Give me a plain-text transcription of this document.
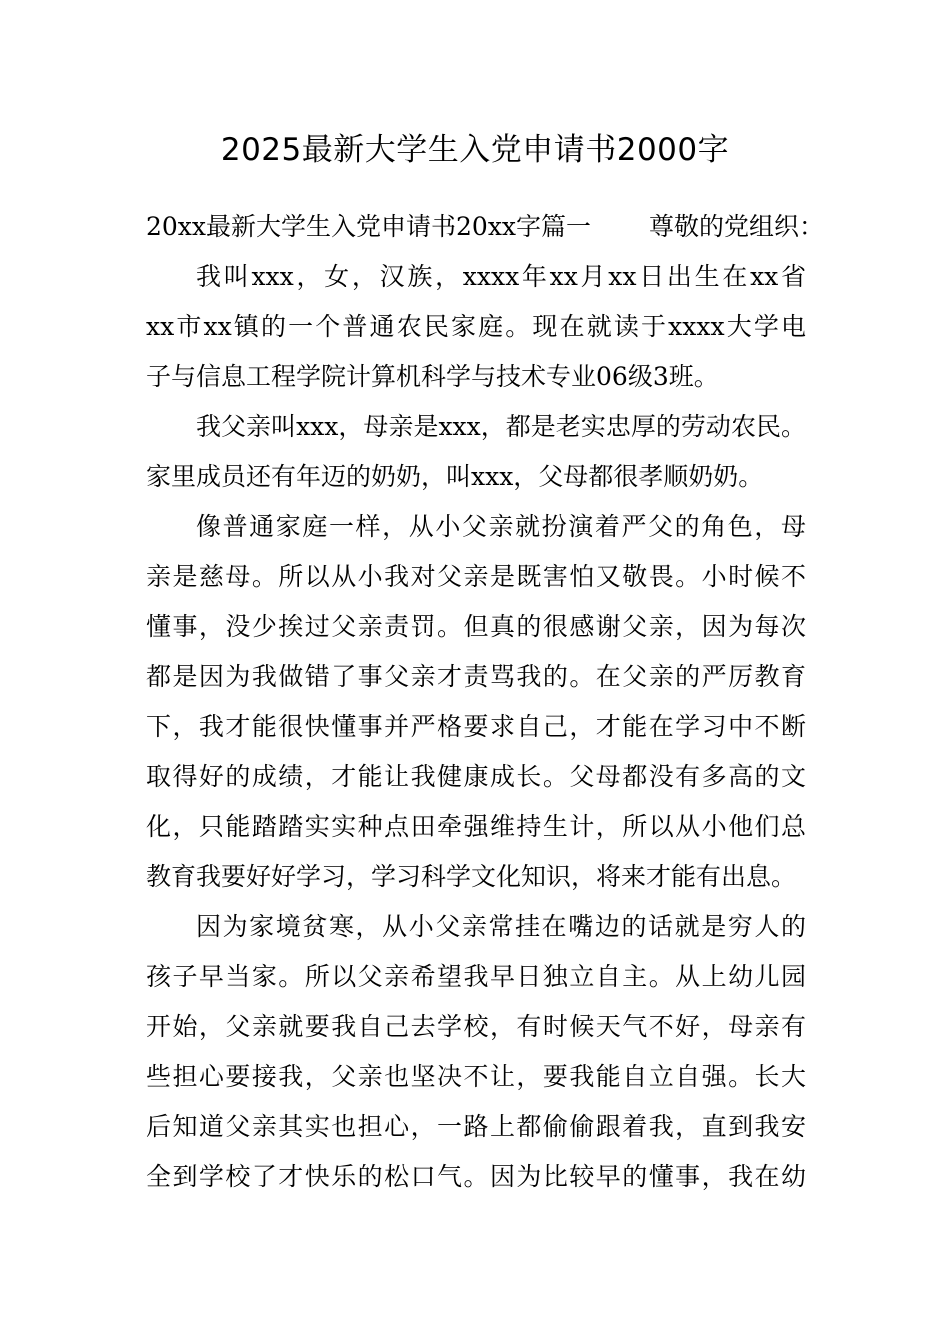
2025最新大学生入党申请书2000字
20xx最新大学生入党申请书20xx字篇一 尊敬的党组织：
我叫xxx，女，汉族，xxxx年xx月xx日出生在xx省
xx市xx镇的一个普通农民家庭。现在就读于xxxx大学电
子与信息工程学院计算机科学与技术专业06级3班。
我父亲叫xxx，母亲是xxx，都是老实忠厚的劳动农民。
家里成员还有年迈的奶奶，叫xxx，父母都很孝顺奶奶。
像普通家庭一样，从小父亲就扮演着严父的角色，母
亲是慈母。所以从小我对父亲是既害怕又敬畏。小时候不
懂事，没少挨过父亲责罚。但真的很感谢父亲，因为每次
都是因为我做错了事父亲才责骂我的。在父亲的严厉教育
下，我才能很快懂事并严格要求自己，才能在学习中不断
取得好的成绩，才能让我健康成长。父母都没有多高的文
化，只能踏踏实实种点田牵强维持生计，所以从小他们总
教育我要好好学习，学习科学文化知识，将来才能有出息。
因为家境贫寒，从小父亲常挂在嘴边的话就是穷人的
孩子早当家。所以父亲希望我早日独立自主。从上幼儿园
开始，父亲就要我自己去学校，有时候天气不好，母亲有
些担心要接我，父亲也坚决不让，要我能自立自强。长大
后知道父亲其实也担心，一路上都偷偷跟着我，直到我安
全到学校了才快乐的松口气。因为比较早的懂事，我在幼
